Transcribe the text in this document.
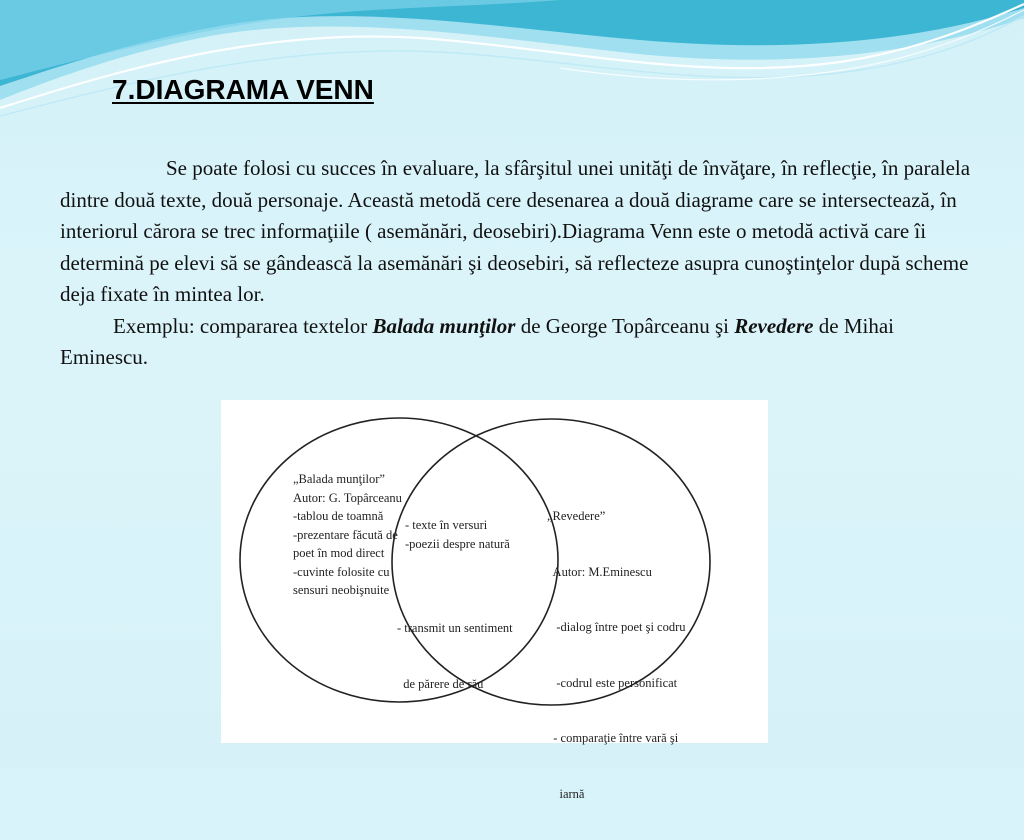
7.DIAGRAMA VENN

Se poate folosi cu succes în evaluare, la sfârşitul unei unităţi de învăţare, în reflecţie, în paralela dintre două texte, două personaje. Această metodă cere desenarea a două diagrame care se intersectează, în interiorul cărora se trec informaţiile ( asemănări, deosebiri).Diagrama Venn este o metodă activă care îi determină pe elevi să se gândească la asemănări şi deosebiri, să reflecteze asupra cunoştinţelor după scheme deja fixate în mintea lor.

Exemplu: compararea textelor Balada munţilor de George Topârceanu şi Revedere de Mihai Eminescu.

„Balada munţilor”
Autor: G. Topârceanu
-tablou de toamnă
-prezentare făcută de
poet în mod direct
-cuvinte folosite cu
sensuri neobişnuite
- texte în versuri
-poezii despre natură

- transmit un sentiment

de părere de rău

„Revedere”

Autor: M.Eminescu

-dialog între poet şi codru

-codrul este personificat

- comparaţie între vară şi

iarnă
